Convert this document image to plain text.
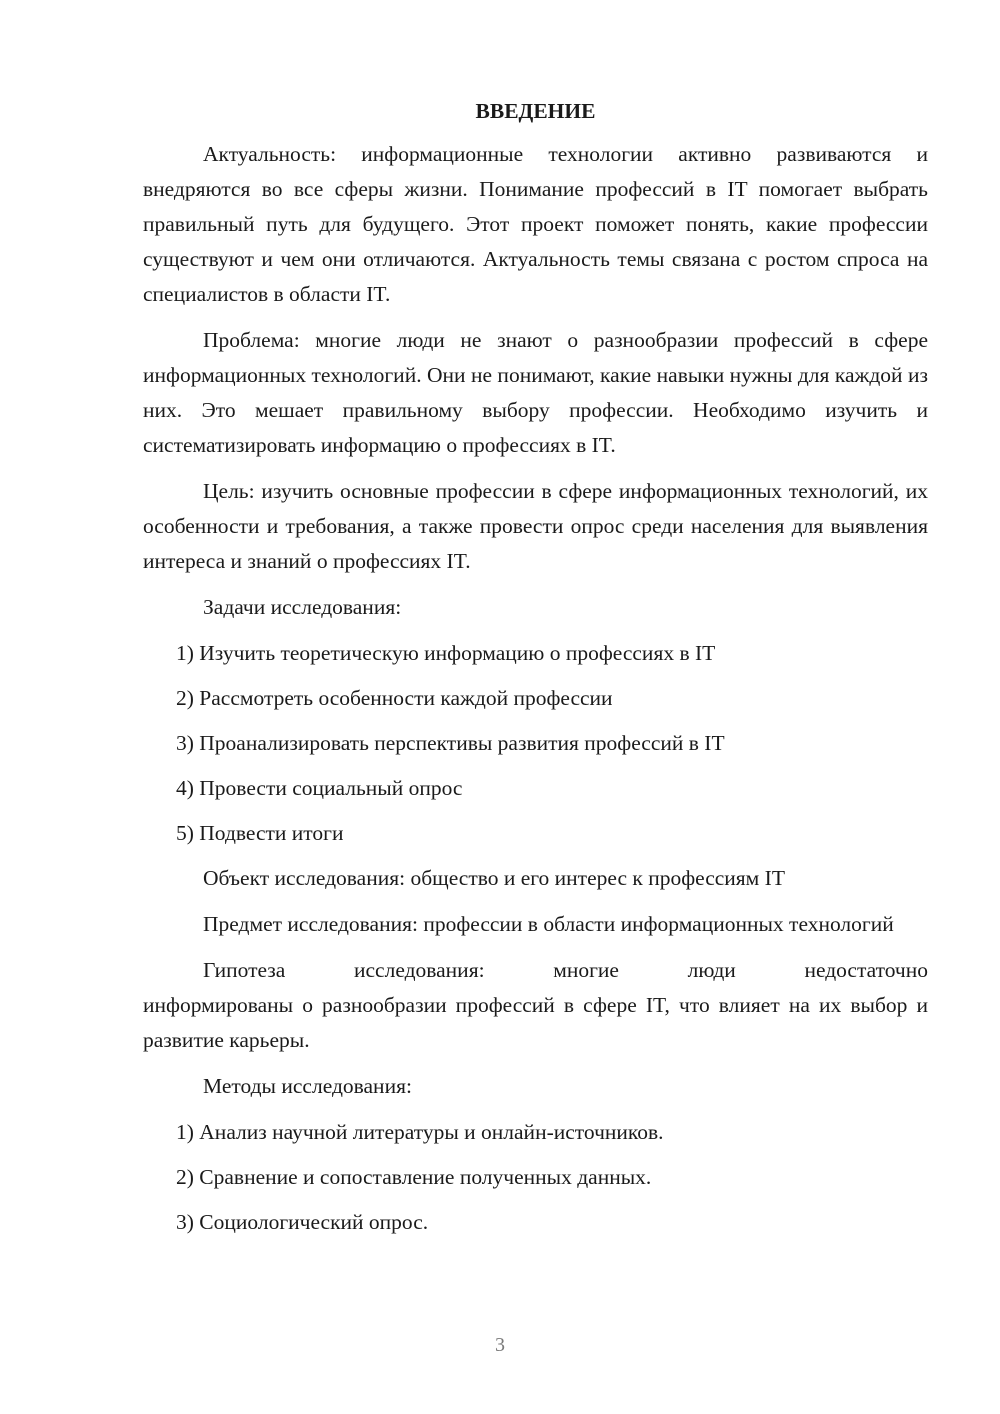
ВВЕДЕНИЕ

Актуальность: информационные технологии активно развиваются и внедряются во все сферы жизни. Понимание профессий в IT помогает выбрать правильный путь для будущего. Этот проект поможет понять, какие профессии существуют и чем они отличаются. Актуальность темы связана с ростом спроса на специалистов в области IT.

Проблема: многие люди не знают о разнообразии профессий в сфере информационных технологий. Они не понимают, какие навыки нужны для каждой из них. Это мешает правильному выбору профессии. Необходимо изучить и систематизировать информацию о профессиях в IT.

Цель: изучить основные профессии в сфере информационных технологий, их особенности и требования, а также провести опрос среди населения для выявления интереса и знаний о профессиях IT.

Задачи исследования:

1) Изучить теоретическую информацию о профессиях в IT
2) Рассмотреть особенности каждой профессии
3) Проанализировать перспективы развития профессий в IT
4) Провести социальный опрос
5) Подвести итоги

Объект исследования: общество и его интерес к профессиям IT

Предмет исследования: профессии в области информационных технологий

Гипотеза исследования: многие люди недостаточно
информированы о разнообразии профессий в сфере IT, что влияет на их выбор и развитие карьеры.

Методы исследования:

1) Анализ научной литературы и онлайн-источников.
2) Сравнение и сопоставление полученных данных.
3) Социологический опрос.
3
